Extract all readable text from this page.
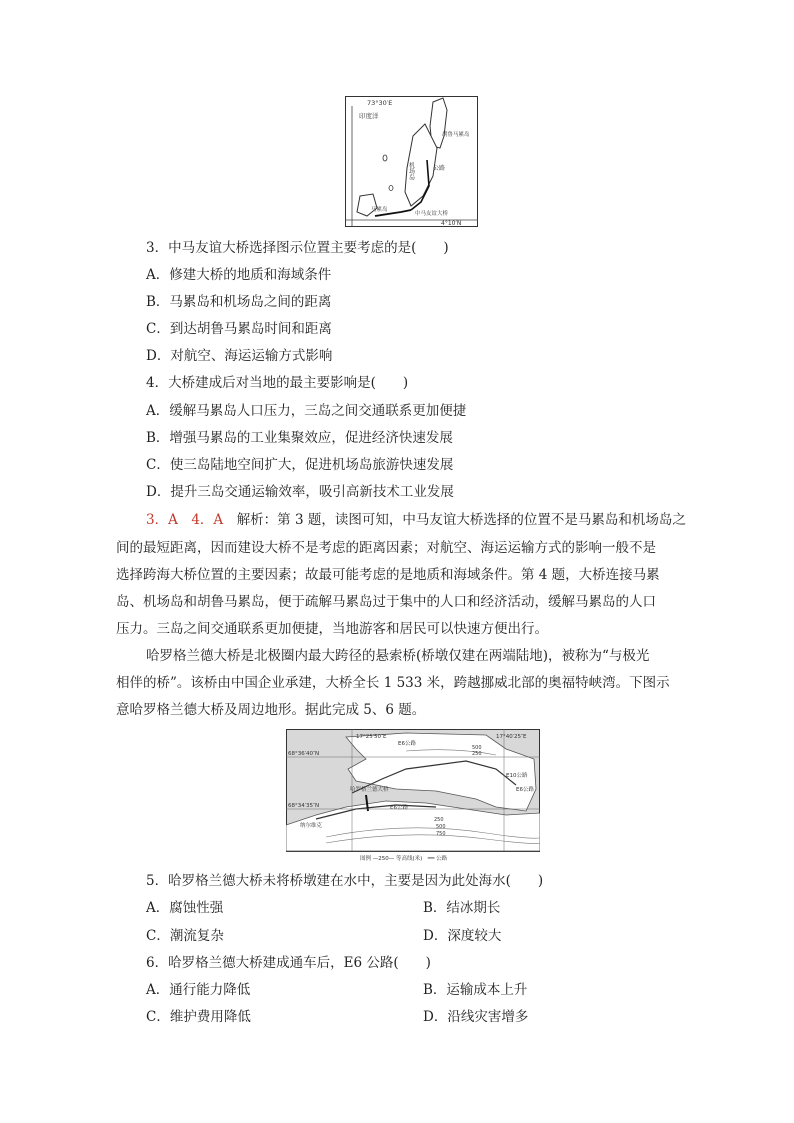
73°30′E
印度洋
胡鲁马累岛
机场岛	公路
马累岛
中马友谊大桥
4°10′N
3．中马友谊大桥选择图示位置主要考虑的是(　　)
A．修建大桥的地质和海域条件
B．马累岛和机场岛之间的距离
C．到达胡鲁马累岛时间和距离
D．对航空、海运运输方式影响
4．大桥建成后对当地的最主要影响是(　　)
A．缓解马累岛人口压力，三岛之间交通联系更加便捷
B．增强马累岛的工业集聚效应，促进经济快速发展
C．使三岛陆地空间扩大，促进机场岛旅游快速发展
D．提升三岛交通运输效率，吸引高新技术工业发展
3．A　4．A　 解析：第 3 题，读图可知，中马友谊大桥选择的位置不是马累岛和机场岛之
间的最短距离，因而建设大桥不是考虑的距离因素；对航空、海运运输方式的影响一般不是
选择跨海大桥位置的主要因素；故最可能考虑的是地质和海域条件。第 4 题，大桥连接马累
岛、机场岛和胡鲁马累岛，便于疏解马累岛过于集中的人口和经济活动，缓解马累岛的人口
压力。三岛之间交通联系更加便捷，当地游客和居民可以快速方便出行。
哈罗格兰德大桥是北极圈内最大跨径的悬索桥(桥墩仅建在两端陆地)，被称为“与极光
相伴的桥”。该桥由中国企业承建，大桥全长 1 533 米，跨越挪威北部的奥福特峡湾。下图示
意哈罗格兰德大桥及周边地形。据此完成 5、6 题。
17°25′50″E	17°40′25″E
68°36′40″N
68°34′35″N
E6公路
500
250
E10公路
E6公路
哈罗格兰德大桥
E6公路
纳尔维克
250
500
750
图例 —250— 等高线(米)　══ 公路
5．哈罗格兰德大桥未将桥墩建在水中，主要是因为此处海水(　　)
A．腐蚀性强	B．结冰期长
C．潮流复杂	D．深度较大
6．哈罗格兰德大桥建成通车后，E6 公路(　　)
A．通行能力降低	B．运输成本上升
C．维护费用降低	D．沿线灾害增多
